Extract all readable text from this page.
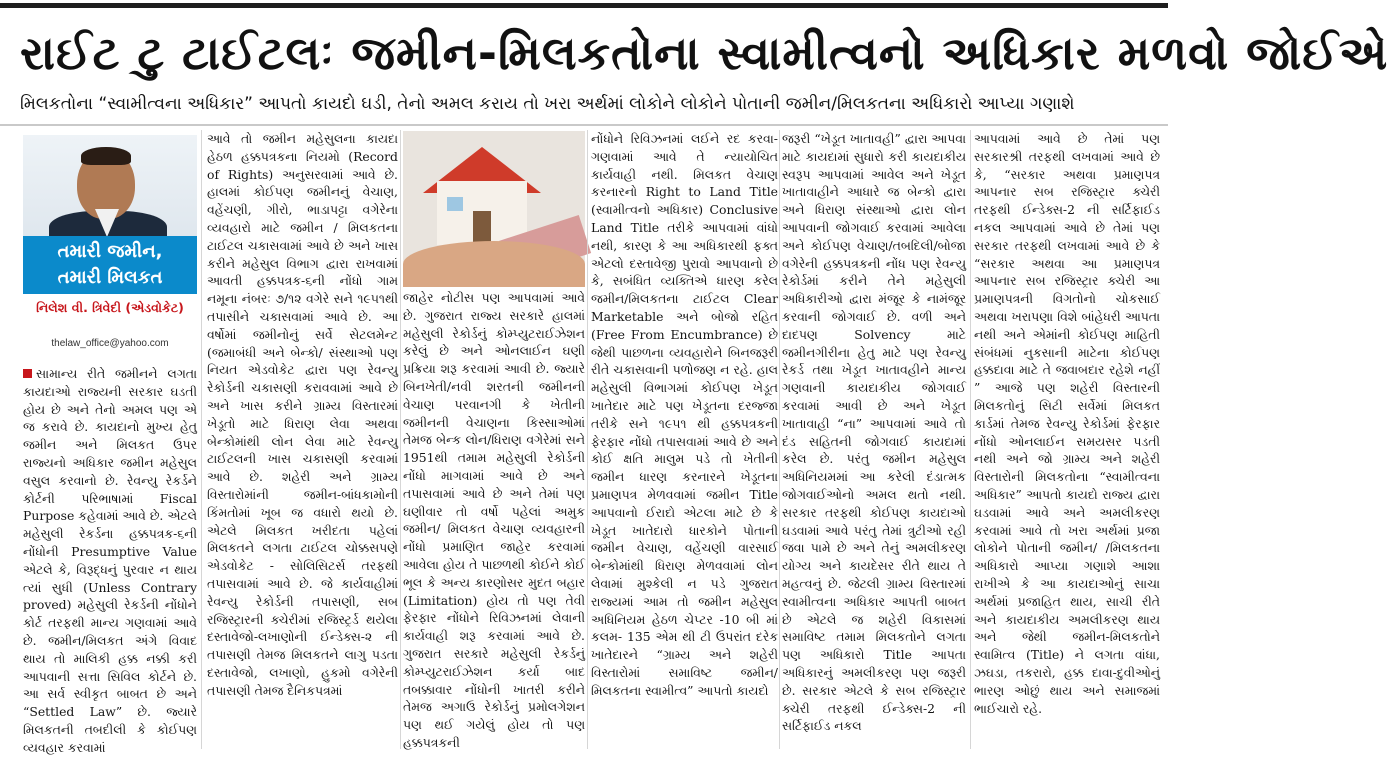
રાઈટ ટુ ટાઈટલઃ જમીન-મિલકતોના સ્વામીત્વનો અધિકાર મળવો જોઈએ
મિલકતોના “સ્વામીત્વના અધિકાર” આપતો કાયદો ઘડી, તેનો અમલ કરાય તો ખરા અર્થમાં લોકોને લોકોને પોતાની જમીન/મિલકતના અધિકારો આપ્યા ગણાશે
તમારી જમીન,
તમારી મિલકત
નિલેશ વી. ત્રિવેદી (એડવોકેટ)
thelaw_office@yahoo.com

સામાન્ય રીતે જમીનને લગતા કાયદાઓ રાજ્યની સરકાર ઘડતી હોય છે અને તેનો અમલ પણ એ જ કરાવે છે. કાયદાનો મુખ્ય હેતુ જમીન અને મિલકત ઉપર રાજ્યનો અધિકાર જમીન મહેસુલ વસુલ કરવાનો છે. રેવન્યુ રેકર્ડને કોર્ટની પરિભાષામાં Fiscal Purpose કહેવામાં આવે છે. એટલે મહેસુલી રેકર્ડના હક્કપત્રક-૬ની નોંધોની Presumptive Value એટલે કે, વિરૂદ્ધનું પુરવાર ન થાય ત્યાં સુધી (Unless Contrary proved) મહેસુલી રેકર્ડની નોંધોને કોર્ટ તરફથી માન્ય ગણવામાં આવે છે. જમીન/મિલકત અંગે વિવાદ થાય તો માલિકી હક્ક નક્કી કરી આપવાની સત્તા સિવિલ કોર્ટને છે. આ સર્વ સ્વીકૃત બાબત છે અને “Settled Law” છે. જ્યારે મિલકતની તબદીલી કે કોઈપણ વ્યવહાર કરવામાં

આવે તો જમીન મહેસુલના કાયદા હેઠળ હક્કપત્રકના નિયમો (Record of Rights) અનુસરવામાં આવે છે. હાલમાં કોઈપણ જમીનનું વેચાણ, વહેંચણી, ગીરો, ભાડાપટ્ટા વગેરેના વ્યવહારો માટે જમીન / મિલકતના ટાઈટલ ચકાસવામાં આવે છે અને ખાસ કરીને મહેસુલ વિભાગ દ્વારા રાખવામાં આવતી હક્કપત્રક-૬ની નોંધો ગામ નમૂના નંબરઃ ૭/૧૨ વગેરે સને ૧૯૫૧થી તપાસીને ચકાસવામાં આવે છે. આ વર્ષોમાં જમીનોનું સર્વે સેટલમેન્ટ (જમાબંધી અને બેન્કો/ સંસ્થાઓ પણ નિયત એડવોકેટ દ્વારા પણ રેવન્યુ રેકોર્ડની ચકાસણી કરાવવામાં આવે છે અને ખાસ કરીને ગ્રામ્ય વિસ્તારમાં ખેડૂતો માટે ધિરાણ લેવા અથવા બેન્કોમાંથી લોન લેવા માટે રેવન્યુ ટાઈટલની ખાસ ચકાસણી કરવામાં આવે છે. શહેરી અને ગ્રામ્ય વિસ્તારોમાંની જમીન-બાંધકામોની કિંમતોમાં ખૂબ જ વધારો થયો છે. એટલે મિલકત ખરીદતા પહેલાં મિલકતને લગતા ટાઈટલ ચોક્કસપણે એડવોકેટ - સોલિસિટર્સ તરફથી તપાસવામાં આવે છે. જે કાર્યવાહીમાં રેવન્યુ રેકોર્ડની તપાસણી, સબ રજિસ્ટ્રારની ક્ચેરીમાં રજિસ્ટ્રર્ડ થયેલા દસ્તાવેજો-લખાણોની ઈન્ડેક્સ-૨ ની તપાસણી તેમજ મિલકતને લાગુ પડતા દસ્તાવેજો, લખાણો, હુકમો વગેરેની તપાસણી તેમજ દૈનિકપત્રમાં

જાહેર નોટીસ પણ આપવામાં આવે છે. ગુજરાત રાજ્ય સરકારે હાલમાં મહેસુલી રેકોર્ડનું કોમ્પ્યુટરાઈઝેશન કરેલું છે અને ઓનલાઈન ઘણી પ્રક્રિયા શરૂ કરવામાં આવી છે. જ્યારે બિનખેતી/નવી શરતની જમીનની વેચાણ પરવાનગી કે ખેતીની જમીનની વેચાણના કિસ્સાઓમાં તેમજ બેન્ક લોન/ધિરાણ વગેરેમાં સને 1951થી તમામ મહેસુલી રેકોર્ડની નોંધો માગવામાં આવે છે અને તપાસવામાં આવે છે અને તેમાં પણ ઘણીવાર તો વર્ષો પહેલાં અમુક જમીન/ મિલકત વેચાણ વ્યવહારની નોંધો પ્રમાણિત જાહેર કરવામાં આવેલા હોય તે પાછળથી કોઈને કોઈ ભૂલ કે અન્ય કારણોસર મુદત બહાર (Limitation) હોય તો પણ તેવી ફેરફાર નોંધોને રિવિઝનમાં લેવાની કાર્યવાહી શરૂ કરવામાં આવે છે. ગુજરાત સરકારે મહેસુલી રેકર્ડનું કોમ્પ્યુટરાઈઝેશન કર્યા બાદ તબક્કાવાર નોંધોની ખાતરી કરીને તેમજ અગાઉ રેકોર્ડનું પ્રમોલગેશન પણ થઈ ગયેલું હોય તો પણ હક્કપત્રકની

નોંધોને રિવિઝનમાં લઈને રદ કરવા-ગણવામાં આવે તે ન્યાયોચિત કાર્યવાહી નથી. મિલકત વેચાણ કરનારનો Right to Land Title (સ્વામીત્વનો અધિકાર) Conclusive Land Title તરીકે આપવામાં વાંધો નથી, કારણ કે આ અધિકારથી ફક્ત એટલો દસ્તાવેજી પુરાવો આપવાનો છે કે, સબંધિત વ્યક્તિએ ધારણ કરેલ જમીન/મિલકતના ટાઈટલ Clear Marketable અને બોજો રહિત (Free From Encumbrance) છે જેથી પાછળના વ્યવહારોને બિનજરૂરી રીતે ચકાસવાની પળોજણ ન રહે. હાલ મહેસુલી વિભાગમાં કોઈપણ ખેડૂત ખાતેદાર માટે પણ ખેડૂતના દરજ્જા તરીકે સને ૧૯૫૧ થી હક્કપત્રકની ફેરફાર નોંધો તપાસવામાં આવે છે અને કોઈ ક્ષતિ માલુમ પડે તો ખેતીની જમીન ધારણ કરનારને ખેડૂતના પ્રમાણપત્ર મેળવવામાં જમીન Title આપવાનો ઈરાદો એટલા માટે છે કે ખેડૂત ખાતેદારો ધારકોને પોતાની જમીન વેચાણ, વહેંચણી વારસાઈ બેન્કોમાંથી ધિરાણ મેળવવામાં લોન લેવામાં મુશ્કેલી ન પડે ગુજરાત રાજ્યમાં આમ તો જમીન મહેસુલ અધિનિયમ હેઠળ ચેપ્ટર -10 બી માં કલમ- 135 એમ થી ટી ઉપરાંત દરેક ખાતેદારને “ગ્રામ્ય અને શહેરી વિસ્તારોમાં સમાવિષ્ટ જમીન/ મિલકતના સ્વામીત્વ” આપતો કાયદો

જરૂરી “ખેડૂત ખાતાવહી” દ્વારા આપવા માટે કાયદામાં સુધારો કરી કાયદાકીય સ્વરૂપ આપવામાં આવેલ અને ખેડૂત ખાતાવાહીને આધારે જ બેન્કો દ્વારા અને ધિરાણ સંસ્થાઓ દ્વારા લોન આપવાની જોગવાઈ કરવામાં આવેલા અને કોઈપણ વેચાણ/તબદિલી/બોજા વગેરેની હક્કપત્રકની નોંધ પણ રેવન્યુ રેકોર્ડમાં કરીને તેને મહેસુલી અધિકારીઓ દ્વારા મંજૂર કે નામંજૂર કરવાની જોગવાઈ છે. વળી અને દાદપણ Solvency માટે જમીનગીરીના હેતુ માટે પણ રેવન્યુ રેકર્ડ તથા ખેડૂત ખાતાવહીને માન્ય ગણવાની કાયદાકીય જોગવાઈ કરવામાં આવી છે અને ખેડૂત ખાતાવાહી “ના” આપવામાં આવે તો દંડ સહિતની જોગવાઈ કાયદામાં કરેલ છે. પરંતુ જમીન મહેસુલ અધિનિયમમાં આ કરેલી દંડાત્મક જોગવાઈઓનો અમલ થતો નથી. સરકાર તરફથી કોઈપણ કાયદાઓ ઘડવામાં આવે પરંતુ તેમાં ત્રુટીઓ રહી જવા પામે છે અને તેનું અમલીકરણ યોગ્ય અને કાયદેસર રીતે થાય તે મહત્વનું છે. જેટલી ગ્રામ્ય વિસ્તારમાં સ્વામીત્વના અધિકાર આપતી બાબત છે એટલે જ શહેરી વિકાસમાં સમાવિષ્ટ તમામ મિલકતોને લગતા પણ અધિકારો Title આપતા અધિકારનું અમલીકરણ પણ જરૂરી છે. સરકાર એટલે કે સબ રજિસ્ટ્રાર ક્ચેરી તરફથી ઈન્ડેક્સ-2 ની સર્ટિફાઈડ નકલ

આપવામાં આવે છે તેમાં પણ સરકારશ્રી તરફથી લખવામાં આવે છે કે, “સરકાર અથવા પ્રમાણપત્ર આપનાર સબ રજિસ્ટ્રાર ક્ચેરી તરફથી ઈન્ડેક્સ-2 ની સર્ટિફાઈડ નકલ આપવામાં આવે છે તેમાં પણ સરકાર તરફથી લખવામાં આવે છે કે “સરકાર અથવા આ પ્રમાણપત્ર આપનાર સબ રજિસ્ટ્રાર ક્ચેરી આ પ્રમાણપત્રની વિગતોનો ચોકસાઈ અથવા ખરાપણા વિશે બાંહેધરી આપતા નથી અને એમાંની કોઈપણ માહિતી સંબંધમાં નુકસાની માટેના કોઈપણ હક્કદાવા માટે તે જવાબદાર રહેશે નહીં ” આજે પણ શહેરી વિસ્તારની મિલકતોનું સિટી સર્વેમાં મિલકત કાર્ડમાં તેમજ રેવન્યુ રેકોર્ડમાં ફેરફાર નોંધો ઓનલાઈન સમયસર પડતી નથી અને જો ગ્રામ્ય અને શહેરી વિસ્તારોની મિલકતોના “સ્વામીત્વના અધિકાર” આપતો કાયદો રાજ્ય દ્વારા ઘડવામાં આવે અને અમલીકરણ કરવામાં આવે તો ખરા અર્થમાં પ્રજા લોકોને પોતાની જમીન/ /મિલકતના અધિકારો આપ્યા ગણાશે આશા રાખીએ કે આ કાયદાઓનું સાચા અર્થમાં પ્રજાહિત થાય, સાચી રીતે અને કાયદાકીય અમલીકરણ થાય અને જેથી જમીન-મિલકતોને સ્વામિત્વ (Title) ને લગતા વાંધા, ઝઘડા, તકરારો, હક્ક દાવા-દુવીઓનું ભારણ ઓછું થાય અને સમાજમાં ભાઈચારો રહે.
